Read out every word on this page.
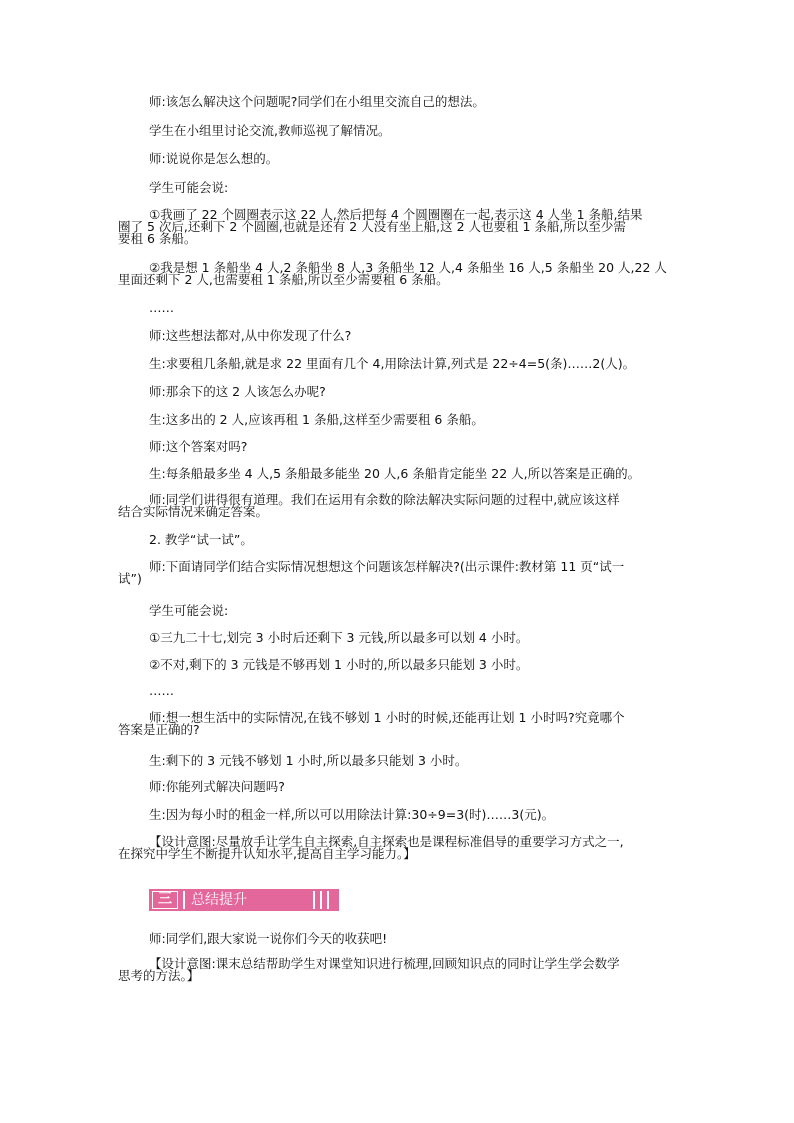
师:该怎么解决这个问题呢?同学们在小组里交流自己的想法。

学生在小组里讨论交流,教师巡视了解情况。

师:说说你是怎么想的。

学生可能会说:

①我画了 22 个圆圈表示这 22 人,然后把每 4 个圆圈圈在一起,表示这 4 人坐 1 条船,结果
圈了 5 次后,还剩下 2 个圆圈,也就是还有 2 人没有坐上船,这 2 人也要租 1 条船,所以至少需
要租 6 条船。
②我是想 1 条船坐 4 人,2 条船坐 8 人,3 条船坐 12 人,4 条船坐 16 人,5 条船坐 20 人,22 人
里面还剩下 2 人,也需要租 1 条船,所以至少需要租 6 条船。

……

师:这些想法都对,从中你发现了什么?

生:求要租几条船,就是求 22 里面有几个 4,用除法计算,列式是 22÷4=5(条)……2(人)。

师:那余下的这 2 人该怎么办呢?

生:这多出的 2 人,应该再租 1 条船,这样至少需要租 6 条船。

师:这个答案对吗?

生:每条船最多坐 4 人,5 条船最多能坐 20 人,6 条船肯定能坐 22 人,所以答案是正确的。

师:同学们讲得很有道理。我们在运用有余数的除法解决实际问题的过程中,就应该这样
结合实际情况来确定答案。

2. 教学“试一试”。

师:下面请同学们结合实际情况想想这个问题该怎样解决?(出示课件:教材第 11 页“试一
试”)

学生可能会说:

①三九二十七,划完 3 小时后还剩下 3 元钱,所以最多可以划 4 小时。

②不对,剩下的 3 元钱是不够再划 1 小时的,所以最多只能划 3 小时。

……

师:想一想生活中的实际情况,在钱不够划 1 小时的时候,还能再让划 1 小时吗?究竟哪个
答案是正确的?

生:剩下的 3 元钱不够划 1 小时,所以最多只能划 3 小时。

师:你能列式解决问题吗?

生:因为每小时的租金一样,所以可以用除法计算:30÷9=3(时)……3(元)。

【设计意图:尽量放手让学生自主探索,自主探索也是课程标准倡导的重要学习方式之一,
在探究中学生不断提升认知水平,提高自主学习能力。】
三	总结提升

师:同学们,跟大家说一说你们今天的收获吧!

【设计意图:课末总结帮助学生对课堂知识进行梳理,回顾知识点的同时让学生学会数学
思考的方法。】
